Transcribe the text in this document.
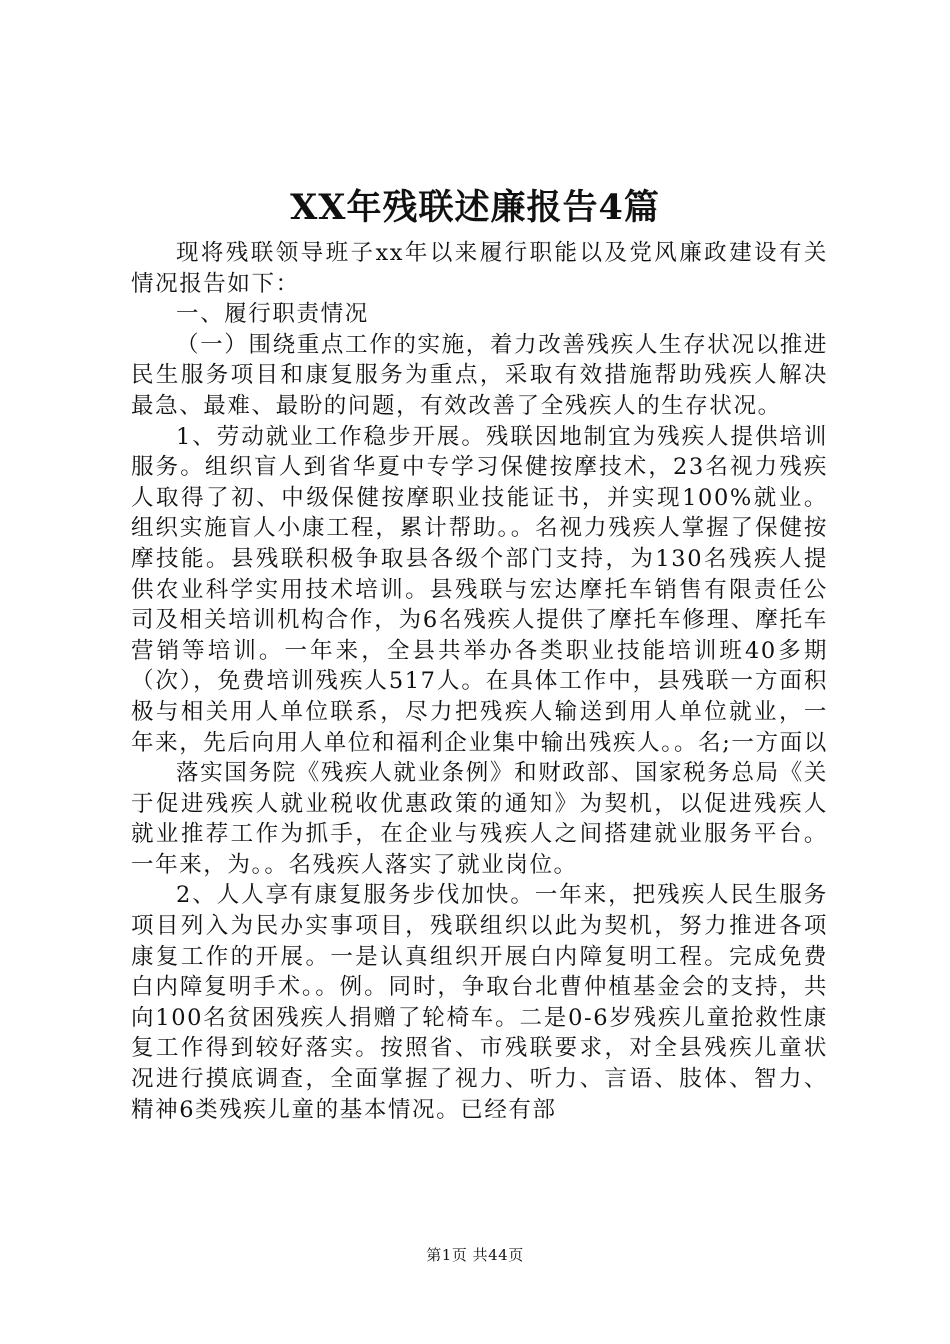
XX年残联述廉报告4篇

现将残联领导班子xx年以来履行职能以及党风廉政建设有关情况报告如下：

一、履行职责情况

（一）围绕重点工作的实施，着力改善残疾人生存状况以推进民生服务项目和康复服务为重点，采取有效措施帮助残疾人解决最急、最难、最盼的问题，有效改善了全残疾人的生存状况。

1、劳动就业工作稳步开展。残联因地制宜为残疾人提供培训服务。组织盲人到省华夏中专学习保健按摩技术，23名视力残疾人取得了初、中级保健按摩职业技能证书，并实现100%就业。组织实施盲人小康工程，累计帮助。。名视力残疾人掌握了保健按摩技能。县残联积极争取县各级个部门支持，为130名残疾人提供农业科学实用技术培训。县残联与宏达摩托车销售有限责任公司及相关培训机构合作，为6名残疾人提供了摩托车修理、摩托车营销等培训。一年来，全县共举办各类职业技能培训班40多期（次），免费培训残疾人517人。在具体工作中，县残联一方面积极与相关用人单位联系，尽力把残疾人输送到用人单位就业，一年来，先后向用人单位和福利企业集中输出残疾人。。名;一方面以

落实国务院《残疾人就业条例》和财政部、国家税务总局《关于促进残疾人就业税收优惠政策的通知》为契机，以促进残疾人就业推荐工作为抓手，在企业与残疾人之间搭建就业服务平台。一年来，为。。名残疾人落实了就业岗位。

2、人人享有康复服务步伐加快。一年来，把残疾人民生服务项目列入为民办实事项目，残联组织以此为契机，努力推进各项康复工作的开展。一是认真组织开展白内障复明工程。完成免费白内障复明手术。。例。同时，争取台北曹仲植基金会的支持，共向100名贫困残疾人捐赠了轮椅车。二是0-6岁残疾儿童抢救性康复工作得到较好落实。按照省、市残联要求，对全县残疾儿童状况进行摸底调查，全面掌握了视力、听力、言语、肢体、智力、精神6类残疾儿童的基本情况。已经有部

第1页 共44页
